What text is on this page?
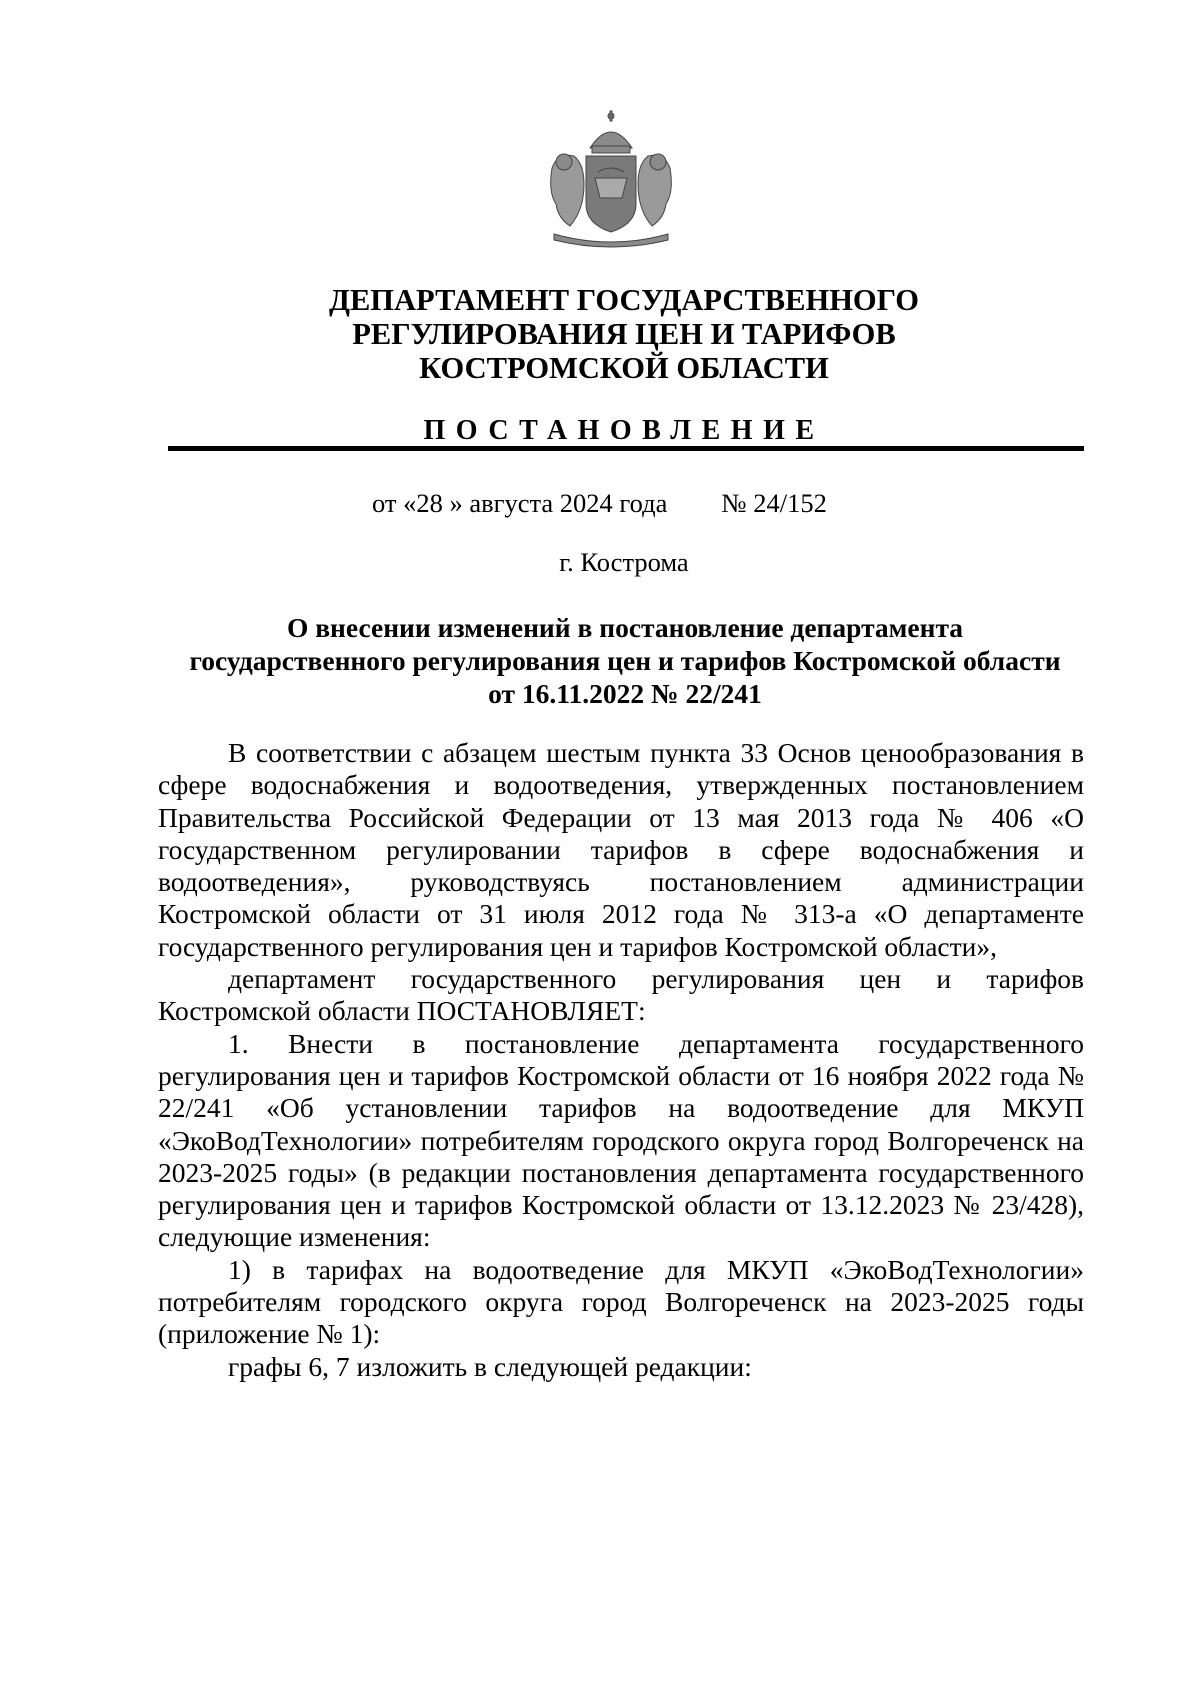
ДЕПАРТАМЕНТ ГОСУДАРСТВЕННОГО
РЕГУЛИРОВАНИЯ ЦЕН И ТАРИФОВ
КОСТРОМСКОЙ ОБЛАСТИ
ПОСТАНОВЛЕНИЕ
от «28 » августа 2024 года № 24/152
г. Кострома
О внесении изменений в постановление департамента
государственного регулирования цен и тарифов Костромской области
от 16.11.2022 № 22/241

В соответствии с абзацем шестым пункта 33 Основ ценообразования в сфере водоснабжения и водоотведения, утвержденных постановлением Правительства Российской Федерации от 13 мая 2013 года № 406 «О государственном регулировании тарифов в сфере водоснабжения и водоотведения», руководствуясь постановлением администрации Костромской области от 31 июля 2012 года № 313-а «О департаменте государственного регулирования цен и тарифов Костромской области»,

департамент государственного регулирования цен и тарифов Костромской области ПОСТАНОВЛЯЕТ:

1. Внести в постановление департамента государственного регулирования цен и тарифов Костромской области от 16 ноября 2022 года № 22/241 «Об установлении тарифов на водоотведение для МКУП «ЭкоВодТехнологии» потребителям городского округа город Волгореченск на 2023-2025 годы» (в редакции постановления департамента государственного регулирования цен и тарифов Костромской области от 13.12.2023 № 23/428), следующие изменения:

1) в тарифах на водоотведение для МКУП «ЭкоВодТехнологии» потребителям городского округа город Волгореченск на 2023-2025 годы (приложение № 1):

графы 6, 7 изложить в следующей редакции:
